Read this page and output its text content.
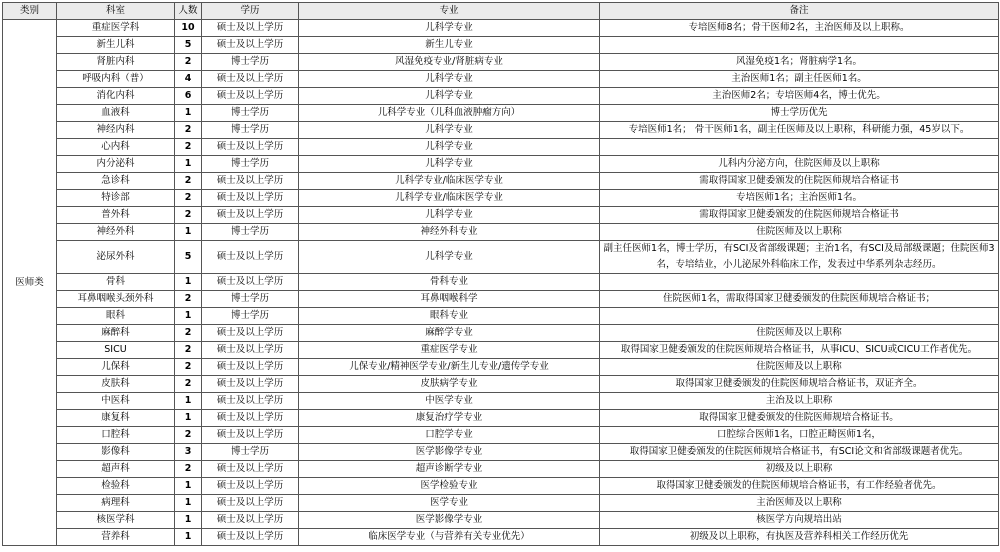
类别	科室	人数	学历	专业	备注
医师类	重症医学科	10	硕士及以上学历	儿科学专业	专培医师8名；骨干医师2名，主治医师及以上职称。
	新生儿科	5	硕士及以上学历	新生儿专业	
	肾脏内科	2	博士学历	风湿免疫专业/肾脏病专业	风湿免疫1名；肾脏病学1名。
	呼吸内科（普）	4	硕士及以上学历	儿科学专业	主治医师1名；副主任医师1名。
	消化内科	6	硕士及以上学历	儿科学专业	主治医师2名；专培医师4名，博士优先。
	血液科	1	博士学历	儿科学专业（儿科血液肿瘤方向）	博士学历优先
	神经内科	2	博士学历	儿科学专业	专培医师1名； 骨干医师1名，副主任医师及以上职称，科研能力强，45岁以下。
	心内科	2	硕士及以上学历	儿科学专业	
	内分泌科	1	博士学历	儿科学专业	儿科内分泌方向，住院医师及以上职称
	急诊科	2	硕士及以上学历	儿科学专业/临床医学专业	需取得国家卫健委颁发的住院医师规培合格证书
	特诊部	2	硕士及以上学历	儿科学专业/临床医学专业	专培医师1名；主治医师1名。
	普外科	2	硕士及以上学历	儿科学专业	需取得国家卫健委颁发的住院医师规培合格证书
	神经外科	1	博士学历	神经外科专业	住院医师及以上职称
	泌尿外科	5	硕士及以上学历	儿科学专业	副主任医师1名，博士学历，有SCI及省部级课题；主治1名，有SCI及局部级课题；住院医师3名，专培结业，小儿泌尿外科临床工作，发表过中华系列杂志经历。
	骨科	1	硕士及以上学历	骨科专业	
	耳鼻咽喉头颈外科	2	博士学历	耳鼻咽喉科学	住院医师1名，需取得国家卫健委颁发的住院医师规培合格证书；
	眼科	1	博士学历	眼科专业	
	麻醉科	2	硕士及以上学历	麻醉学专业	住院医师及以上职称
	SICU	2	硕士及以上学历	重症医学专业	取得国家卫健委颁发的住院医师规培合格证书，从事ICU、SICU或CICU工作者优先。
	儿保科	2	硕士及以上学历	儿保专业/精神医学专业/新生儿专业/遗传学专业	住院医师及以上职称
	皮肤科	2	硕士及以上学历	皮肤病学专业	取得国家卫健委颁发的住院医师规培合格证书，双证齐全。
	中医科	1	硕士及以上学历	中医学专业	主治及以上职称
	康复科	1	硕士及以上学历	康复治疗学专业	取得国家卫健委颁发的住院医师规培合格证书。
	口腔科	2	硕士及以上学历	口腔学专业	口腔综合医师1名，口腔正畸医师1名，
	影像科	3	博士学历	医学影像学专业	取得国家卫健委颁发的住院医师规培合格证书，有SCI论文和省部级课题者优先。
	超声科	2	硕士及以上学历	超声诊断学专业	初级及以上职称
	检验科	1	硕士及以上学历	医学检验专业	取得国家卫健委颁发的住院医师规培合格证书，有工作经验者优先。
	病理科	1	硕士及以上学历	医学专业	主治医师及以上职称
	核医学科	1	硕士及以上学历	医学影像学专业	核医学方向规培出站
	营养科	1	硕士及以上学历	临床医学专业（与营养有关专业优先）	初级及以上职称，有执医及营养科相关工作经历优先
